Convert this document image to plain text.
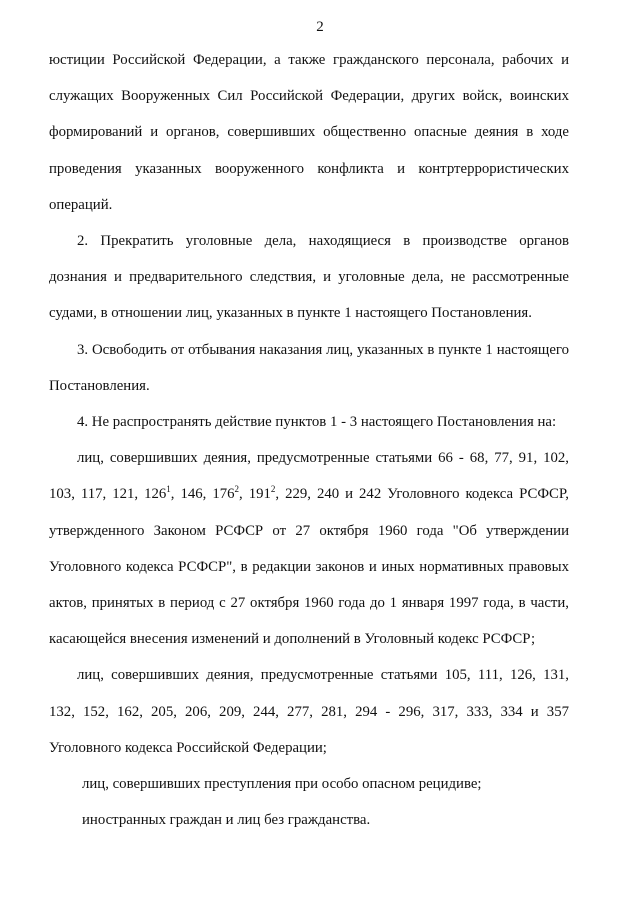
2

юстиции Российской Федерации, а также гражданского персонала, рабочих и служащих Вооруженных Сил Российской Федерации, других войск, воинских формирований и органов, совершивших общественно опасные деяния в ходе проведения указанных вооруженного конфликта и контртеррористических операций.

2. Прекратить уголовные дела, находящиеся в производстве органов дознания и предварительного следствия, и уголовные дела, не рассмотренные судами, в отношении лиц, указанных в пункте 1 настоящего Постановления.

3. Освободить от отбывания наказания лиц, указанных в пункте 1 настоящего Постановления.

4. Не распространять действие пунктов 1 - 3 настоящего Постановления на:

лиц, совершивших деяния, предусмотренные статьями 66 - 68, 77, 91, 102, 103, 117, 121, $126^1$, 146, $176^2$, $191^2$, 229, 240 и 242 Уголовного кодекса РСФСР, утвержденного Законом РСФСР от 27 октября 1960 года "Об утверждении Уголовного кодекса РСФСР", в редакции законов и иных нормативных правовых актов, принятых в период с 27 октября 1960 года до 1 января 1997 года, в части, касающейся внесения изменений и дополнений в Уголовный кодекс РСФСР;

лиц, совершивших деяния, предусмотренные статьями 105, 111, 126, 131, 132, 152, 162, 205, 206, 209, 244, 277, 281, 294 - 296, 317, 333, 334 и 357 Уголовного кодекса Российской Федерации;

лиц, совершивших преступления при особо опасном рецидиве;

иностранных граждан и лиц без гражданства.
